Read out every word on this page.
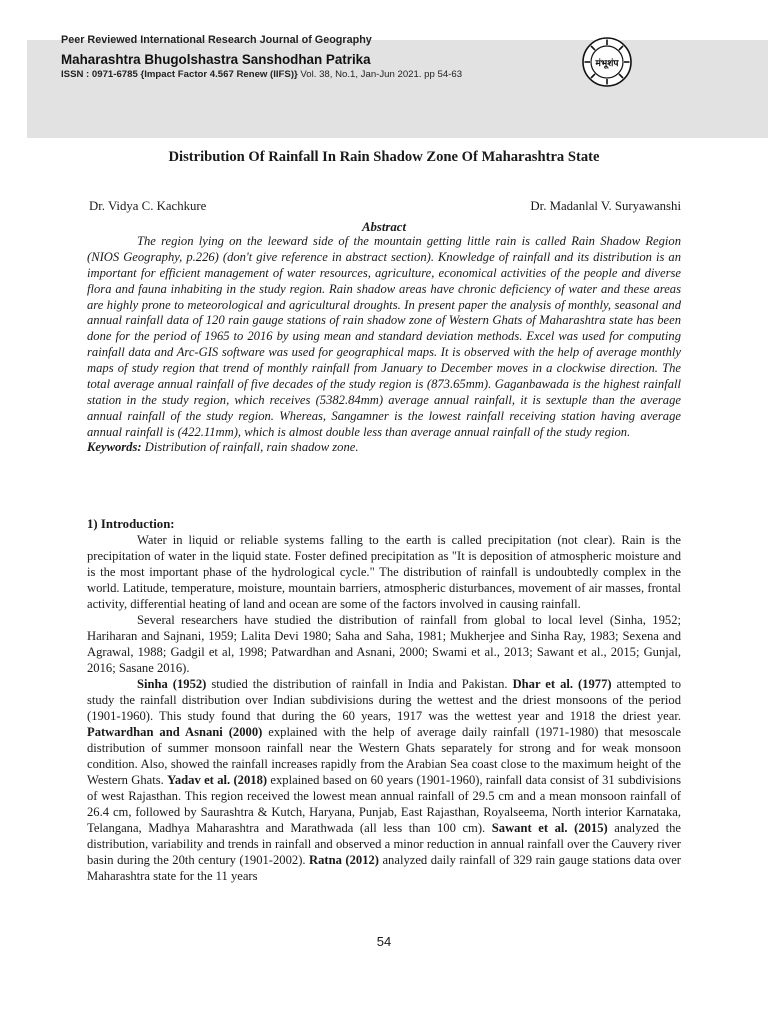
Peer Reviewed International Research Journal of Geography
Maharashtra Bhugolshastra Sanshodhan Patrika
ISSN : 0971-6785 {Impact Factor 4.567 Renew (IIFS)} Vol. 38, No.1, Jan-Jun 2021. pp 54-63
मंभूशंप
Distribution Of Rainfall In Rain Shadow Zone Of Maharashtra State
Dr. Vidya C. Kachkure	Dr. Madanlal V. Suryawanshi
Abstract

The region lying on the leeward side of the mountain getting little rain is called Rain Shadow Region (NIOS Geography, p.226) (don't give reference in abstract section). Knowledge of rainfall and its distribution is an important for efficient management of water resources, agriculture, economical activities of the people and diverse flora and fauna inhabiting in the study region. Rain shadow areas have chronic deficiency of water and these areas are highly prone to meteorological and agricultural droughts. In present paper the analysis of monthly, seasonal and annual rainfall data of 120 rain gauge stations of rain shadow zone of Western Ghats of Maharashtra state has been done for the period of 1965 to 2016 by using mean and standard deviation methods. Excel was used for computing rainfall data and Arc-GIS software was used for geographical maps. It is observed with the help of average monthly maps of study region that trend of monthly rainfall from January to December moves in a clockwise direction. The total average annual rainfall of five decades of the study region is (873.65mm). Gaganbawada is the highest rainfall station in the study region, which receives (5382.84mm) average annual rainfall, it is sextuple than the average annual rainfall of the study region. Whereas, Sangamner is the lowest rainfall receiving station having average annual rainfall is (422.11mm), which is almost double less than average annual rainfall of the study region.

Keywords: Distribution of rainfall, rain shadow zone.
1) Introduction:

Water in liquid or reliable systems falling to the earth is called precipitation (not clear). Rain is the precipitation of water in the liquid state. Foster defined precipitation as "It is deposition of atmospheric moisture and is the most important phase of the hydrological cycle." The distribution of rainfall is undoubtedly complex in the world. Latitude, temperature, moisture, mountain barriers, atmospheric disturbances, movement of air masses, frontal activity, differential heating of land and ocean are some of the factors involved in causing rainfall.

Several researchers have studied the distribution of rainfall from global to local level (Sinha, 1952; Hariharan and Sajnani, 1959; Lalita Devi 1980; Saha and Saha, 1981; Mukherjee and Sinha Ray, 1983; Sexena and Agrawal, 1988; Gadgil et al, 1998; Patwardhan and Asnani, 2000; Swami et al., 2013; Sawant et al., 2015; Gunjal, 2016; Sasane 2016).

Sinha (1952) studied the distribution of rainfall in India and Pakistan. Dhar et al. (1977) attempted to study the rainfall distribution over Indian subdivisions during the wettest and the driest monsoons of the period (1901-1960). This study found that during the 60 years, 1917 was the wettest year and 1918 the driest year. Patwardhan and Asnani (2000) explained with the help of average daily rainfall (1971-1980) that mesoscale distribution of summer monsoon rainfall near the Western Ghats separately for strong and for weak monsoon condition. Also, showed the rainfall increases rapidly from the Arabian Sea coast close to the maximum height of the Western Ghats. Yadav et al. (2018) explained based on 60 years (1901-1960), rainfall data consist of 31 subdivisions of west Rajasthan. This region received the lowest mean annual rainfall of 29.5 cm and a mean monsoon rainfall of 26.4 cm, followed by Saurashtra & Kutch, Haryana, Punjab, East Rajasthan, Royalseema, North interior Karnataka, Telangana, Madhya Maharashtra and Marathwada (all less than 100 cm). Sawant et al. (2015) analyzed the distribution, variability and trends in rainfall and observed a minor reduction in annual rainfall over the Cauvery river basin during the 20th century (1901-2002). Ratna (2012) analyzed daily rainfall of 329 rain gauge stations data over Maharashtra state for the 11 years

54
